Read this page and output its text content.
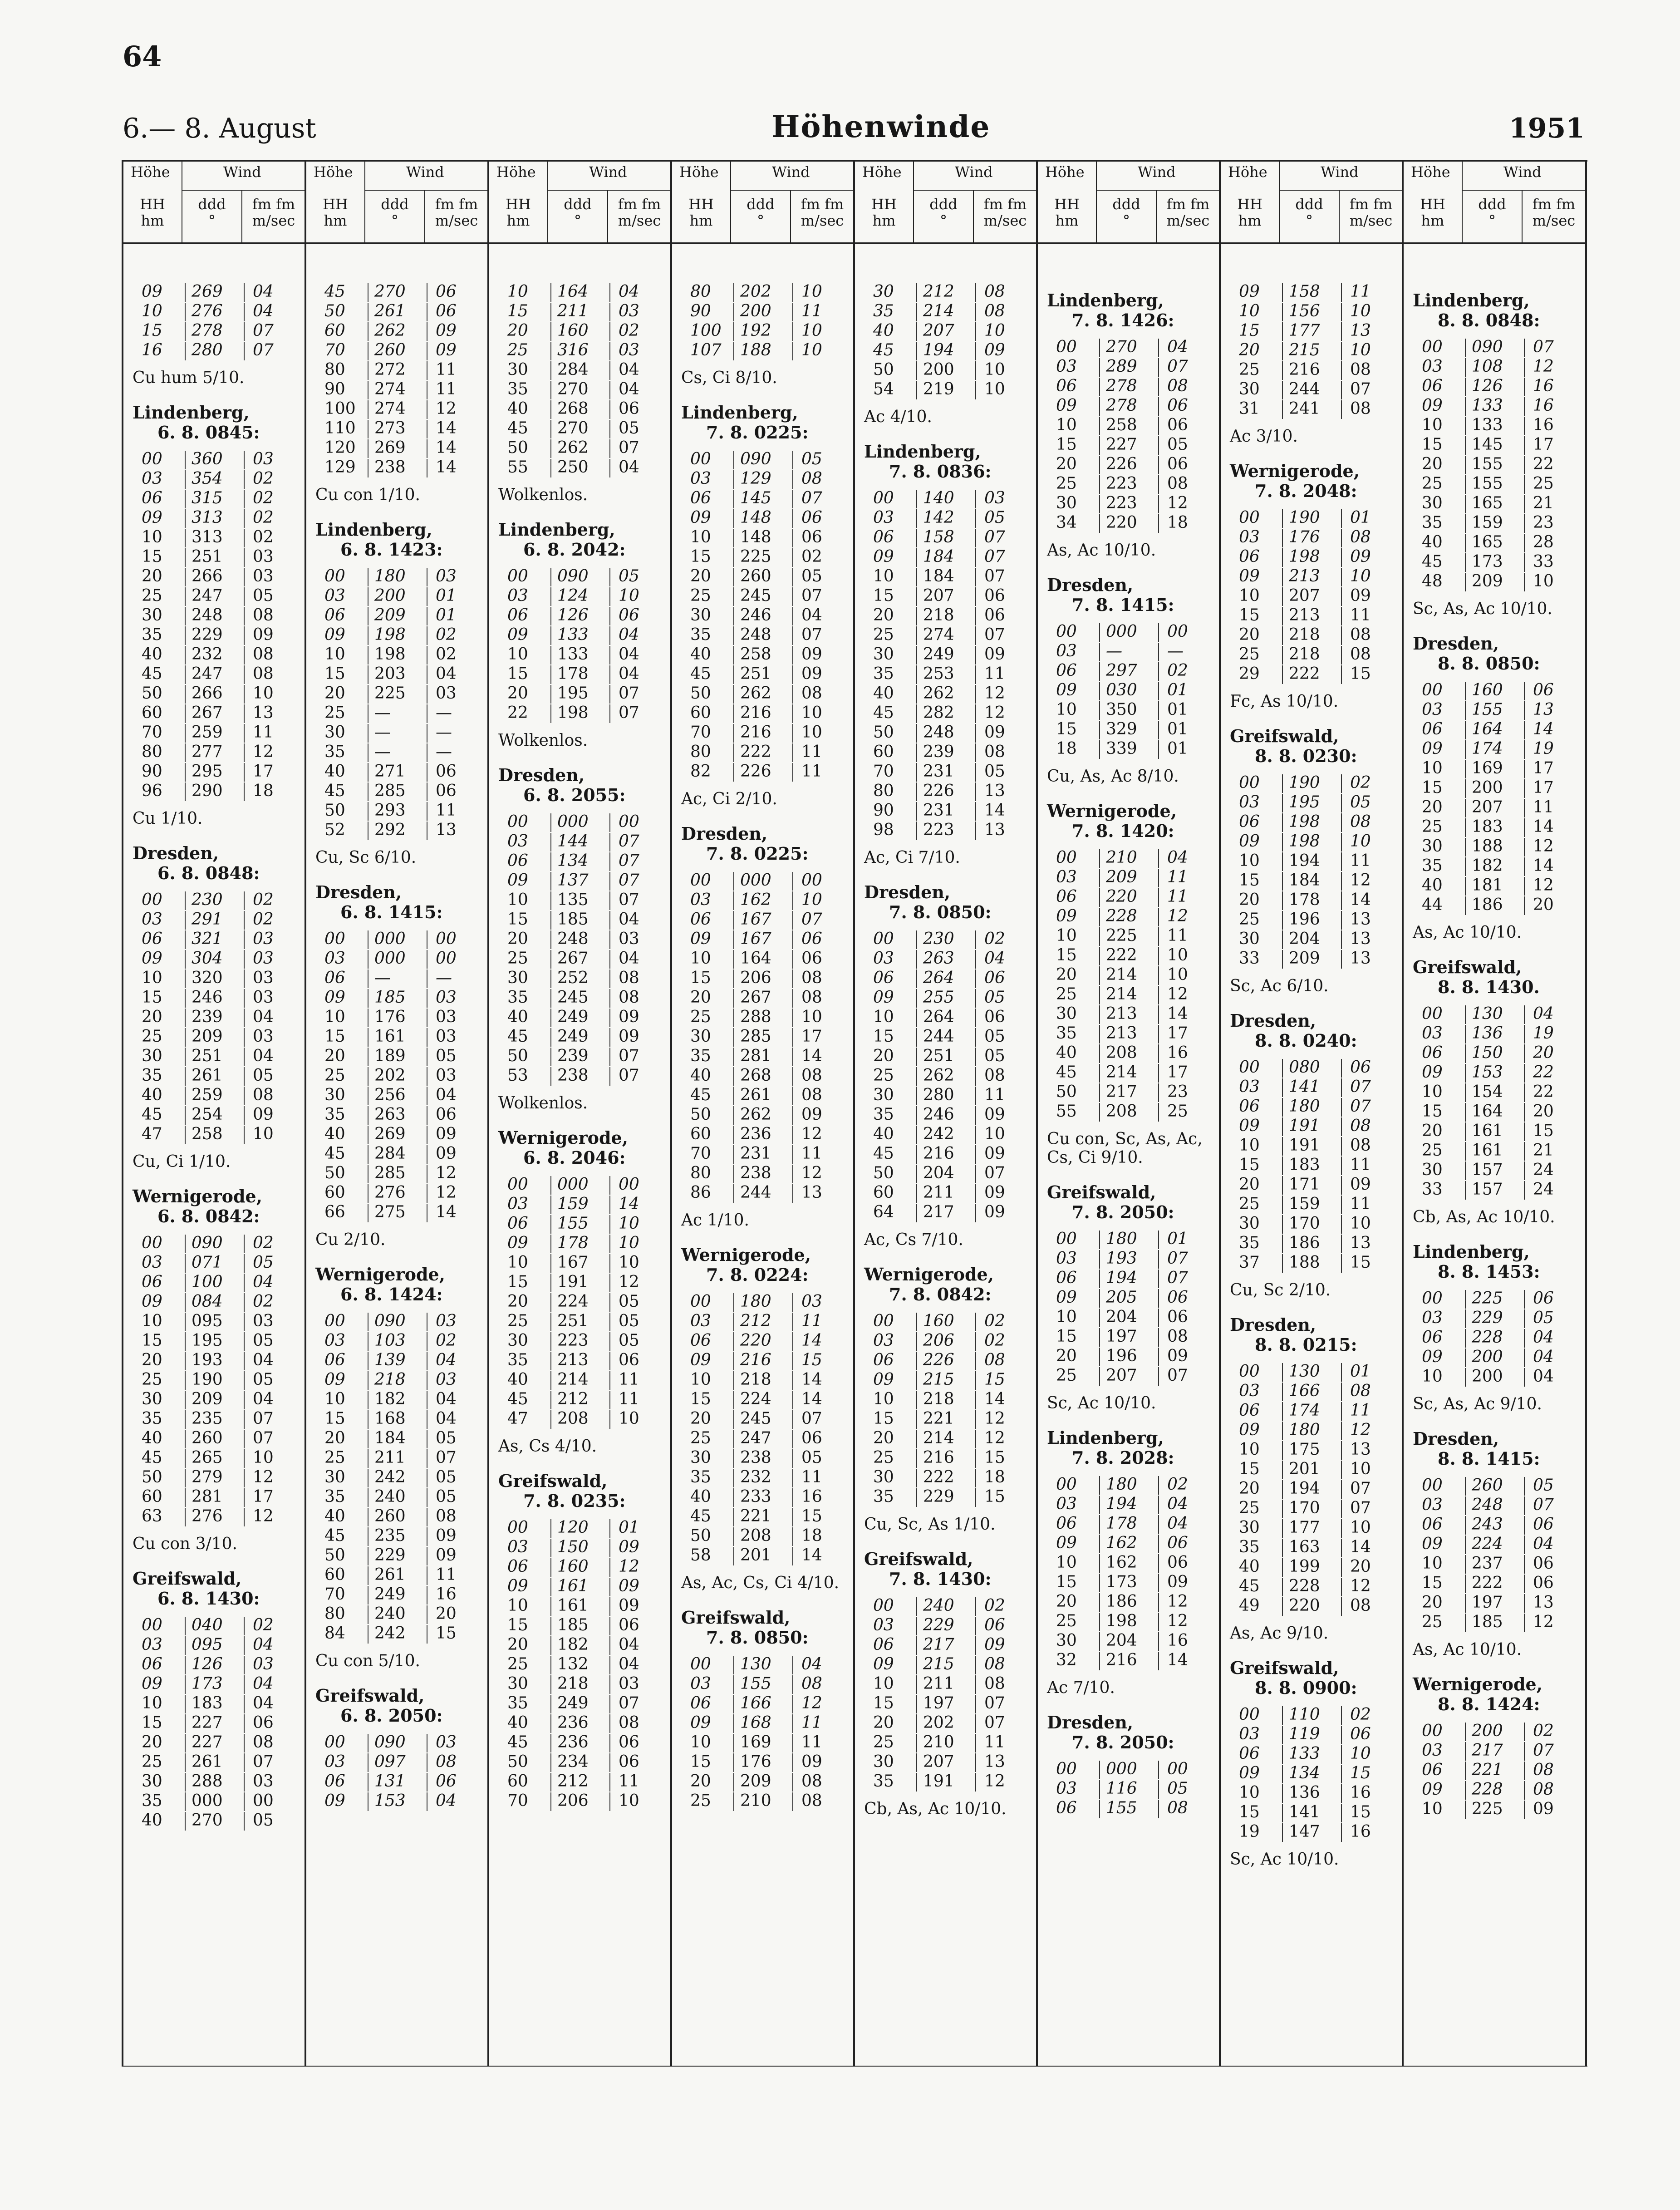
64
6.— 8. August	Höhenwinde	1951
Höhe	Wind
HH
hm
ddd
°
fm fm
m/sec
09 269 04
10 276 04
15 278 07
16 280 07
Cu hum 5/10.
Lindenberg,
6. 8. 0845:
00 360 03
03 354 02
06 315 02
09 313 02
10 313 02
15 251 03
20 266 03
25 247 05
30 248 08
35 229 09
40 232 08
45 247 08
50 266 10
60 267 13
70 259 11
80 277 12
90 295 17
96 290 18
Cu 1/10.
Dresden,
6. 8. 0848:
00 230 02
03 291 02
06 321 03
09 304 03
10 320 03
15 246 03
20 239 04
25 209 03
30 251 04
35 261 05
40 259 08
45 254 09
47 258 10
Cu, Ci 1/10.
Wernigerode,
6. 8. 0842:
00 090 02
03 071 05
06 100 04
09 084 02
10 095 03
15 195 05
20 193 04
25 190 05
30 209 04
35 235 07
40 260 07
45 265 10
50 279 12
60 281 17
63 276 12
Cu con 3/10.
Greifswald,
6. 8. 1430:
00 040 02
03 095 04
06 126 03
09 173 04
10 183 04
15 227 06
20 227 08
25 261 07
30 288 03
35 000 00
40 270 05
Höhe	Wind
HH
hm
ddd
°
fm fm
m/sec
45 270 06
50 261 06
60 262 09
70 260 09
80 272 11
90 274 11
100 274 12
110 273 14
120 269 14
129 238 14
Cu con 1/10.
Lindenberg,
6. 8. 1423:
00 180 03
03 200 01
06 209 01
09 198 02
10 198 02
15 203 04
20 225 03
25 —	—
30 —	—
35 —	—
40 271 06
45 285 06
50 293 11
52 292 13
Cu, Sc 6/10.
Dresden,
6. 8. 1415:
00 000 00
03 000 00
06 —	—
09 185 03
10 176 03
15 161 03
20 189 05
25 202 03
30 256 04
35 263 06
40 269 09
45 284 09
50 285 12
60 276 12
66 275 14
Cu 2/10.
Wernigerode,
6. 8. 1424:
00 090 03
03 103 02
06 139 04
09 218 03
10 182 04
15 168 04
20 184 05
25 211 07
30 242 05
35 240 05
40 260 08
45 235 09
50 229 09
60 261 11
70 249 16
80 240 20
84 242 15
Cu con 5/10.
Greifswald,
6. 8. 2050:
00 090 03
03 097 08
06 131 06
09 153 04
Höhe	Wind
HH
hm
ddd
°
fm fm
m/sec
10 164 04
15 211 03
20 160 02
25 316 03
30 284 04
35 270 04
40 268 06
45 270 05
50 262 07
55 250 04
Wolkenlos.
Lindenberg,
6. 8. 2042:
00 090 05
03 124 10
06 126 06
09 133 04
10 133 04
15 178 04
20 195 07
22 198 07
Wolkenlos.
Dresden,
6. 8. 2055:
00 000 00
03 144 07
06 134 07
09 137 07
10 135 07
15 185 04
20 248 03
25 267 04
30 252 08
35 245 08
40 249 09
45 249 09
50 239 07
53 238 07
Wolkenlos.
Wernigerode,
6. 8. 2046:
00 000 00
03 159 14
06 155 10
09 178 10
10 167 10
15 191 12
20 224 05
25 251 05
30 223 05
35 213 06
40 214 11
45 212 11
47 208 10
As, Cs 4/10.
Greifswald,
7. 8. 0235:
00 120 01
03 150 09
06 160 12
09 161 09
10 161 09
15 185 06
20 182 04
25 132 04
30 218 03
35 249 07
40 236 08
45 236 06
50 234 06
60 212 11
70 206 10
Höhe	Wind
HH
hm
ddd
°
fm fm
m/sec
80 202 10
90 200 11
100 192 10
107 188 10
Cs, Ci 8/10.
Lindenberg,
7. 8. 0225:
00 090 05
03 129 08
06 145 07
09 148 06
10 148 06
15 225 02
20 260 05
25 245 07
30 246 04
35 248 07
40 258 09
45 251 09
50 262 08
60 216 10
70 216 10
80 222 11
82 226 11
Ac, Ci 2/10.
Dresden,
7. 8. 0225:
00 000 00
03 162 10
06 167 07
09 167 06
10 164 06
15 206 08
20 267 08
25 288 10
30 285 17
35 281 14
40 268 08
45 261 08
50 262 09
60 236 12
70 231 11
80 238 12
86 244 13
Ac 1/10.
Wernigerode,
7. 8. 0224:
00 180 03
03 212 11
06 220 14
09 216 15
10 218 14
15 224 14
20 245 07
25 247 06
30 238 05
35 232 11
40 233 16
45 221 15
50 208 18
58 201 14
As, Ac, Cs, Ci 4/10.
Greifswald,
7. 8. 0850:
00 130 04
03 155 08
06 166 12
09 168 11
10 169 11
15 176 09
20 209 08
25 210 08
Höhe	Wind
HH
hm
ddd
°
fm fm
m/sec
30 212 08
35 214 08
40 207 10
45 194 09
50 200 10
54 219 10
Ac 4/10.
Lindenberg,
7. 8. 0836:
00 140 03
03 142 05
06 158 07
09 184 07
10 184 07
15 207 06
20 218 06
25 274 07
30 249 09
35 253 11
40 262 12
45 282 12
50 248 09
60 239 08
70 231 05
80 226 13
90 231 14
98 223 13
Ac, Ci 7/10.
Dresden,
7. 8. 0850:
00 230 02
03 263 04
06 264 06
09 255 05
10 264 06
15 244 05
20 251 05
25 262 08
30 280 11
35 246 09
40 242 10
45 216 09
50 204 07
60 211 09
64 217 09
Ac, Cs 7/10.
Wernigerode,
7. 8. 0842:
00 160 02
03 206 02
06 226 08
09 215 15
10 218 14
15 221 12
20 214 12
25 216 15
30 222 18
35 229 15
Cu, Sc, As 1/10.
Greifswald,
7. 8. 1430:
00 240 02
03 229 06
06 217 09
09 215 08
10 211 08
15 197 07
20 202 07
25 210 11
30 207 13
35 191 12
Cb, As, Ac 10/10.
Höhe	Wind
HH
hm
ddd
°
fm fm
m/sec
Lindenberg,
7. 8. 1426:
00 270 04
03 289 07
06 278 08
09 278 06
10 258 06
15 227 05
20 226 06
25 223 08
30 223 12
34 220 18
As, Ac 10/10.
Dresden,
7. 8. 1415:
00 000 00
03 —	—
06 297 02
09 030 01
10 350 01
15 329 01
18 339 01
Cu, As, Ac 8/10.
Wernigerode,
7. 8. 1420:
00 210 04
03 209 11
06 220 11
09 228 12
10 225 11
15 222 10
20 214 10
25 214 12
30 213 14
35 213 17
40 208 16
45 214 17
50 217 23
55 208 25
Cu con, Sc, As, Ac, Cs, Ci 9/10.
Greifswald,
7. 8. 2050:
00 180 01
03 193 07
06 194 07
09 205 06
10 204 06
15 197 08
20 196 09
25 207 07
Sc, Ac 10/10.
Lindenberg,
7. 8. 2028:
00 180 02
03 194 04
06 178 04
09 162 06
10 162 06
15 173 09
20 186 12
25 198 12
30 204 16
32 216 14
Ac 7/10.
Dresden,
7. 8. 2050:
00 000 00
03 116 05
06 155 08
Höhe	Wind
HH
hm
ddd
°
fm fm
m/sec
09 158 11
10 156 10
15 177 13
20 215 10
25 216 08
30 244 07
31 241 08
Ac 3/10.
Wernigerode,
7. 8. 2048:
00 190 01
03 176 08
06 198 09
09 213 10
10 207 09
15 213 11
20 218 08
25 218 08
29 222 15
Fc, As 10/10.
Greifswald,
8. 8. 0230:
00 190 02
03 195 05
06 198 08
09 198 10
10 194 11
15 184 12
20 178 14
25 196 13
30 204 13
33 209 13
Sc, Ac 6/10.
Dresden,
8. 8. 0240:
00 080 06
03 141 07
06 180 07
09 191 08
10 191 08
15 183 11
20 171 09
25 159 11
30 170 10
35 186 13
37 188 15
Cu, Sc 2/10.
Dresden,
8. 8. 0215:
00 130 01
03 166 08
06 174 11
09 180 12
10 175 13
15 201 10
20 194 07
25 170 07
30 177 10
35 163 14
40 199 20
45 228 12
49 220 08
As, Ac 9/10.
Greifswald,
8. 8. 0900:
00 110 02
03 119 06
06 133 10
09 134 15
10 136 16
15 141 15
19 147 16
Sc, Ac 10/10.
Höhe	Wind
HH
hm
ddd
°
fm fm
m/sec
Lindenberg,
8. 8. 0848:
00 090 07
03 108 12
06 126 16
09 133 16
10 133 16
15 145 17
20 155 22
25 155 25
30 165 21
35 159 23
40 165 28
45 173 33
48 209 10
Sc, As, Ac 10/10.
Dresden,
8. 8. 0850:
00 160 06
03 155 13
06 164 14
09 174 19
10 169 17
15 200 17
20 207 11
25 183 14
30 188 12
35 182 14
40 181 12
44 186 20
As, Ac 10/10.
Greifswald,
8. 8. 1430.
00 130 04
03 136 19
06 150 20
09 153 22
10 154 22
15 164 20
20 161 15
25 161 21
30 157 24
33 157 24
Cb, As, Ac 10/10.
Lindenberg,
8. 8. 1453:
00 225 06
03 229 05
06 228 04
09 200 04
10 200 04
Sc, As, Ac 9/10.
Dresden,
8. 8. 1415:
00 260 05
03 248 07
06 243 06
09 224 04
10 237 06
15 222 06
20 197 13
25 185 12
As, Ac 10/10.
Wernigerode,
8. 8. 1424:
00 200 02
03 217 07
06 221 08
09 228 08
10 225 09
